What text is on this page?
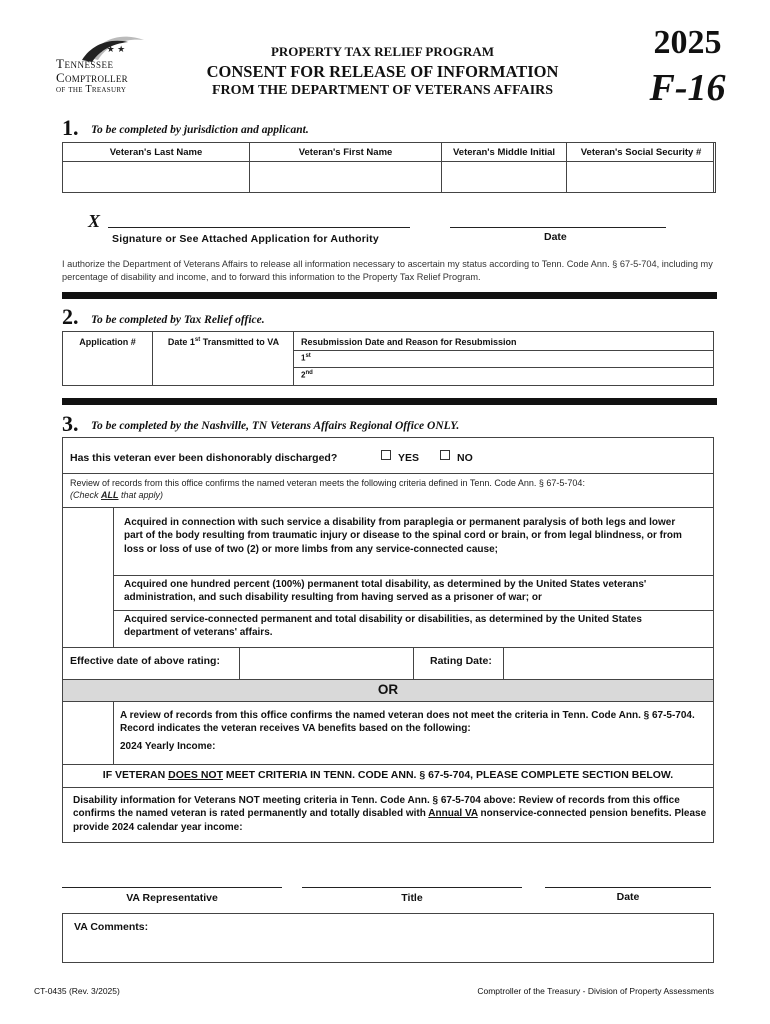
★ ★ ★
Tennessee
Comptroller
of the Treasury
PROPERTY TAX RELIEF PROGRAM
CONSENT FOR RELEASE OF INFORMATION
FROM THE DEPARTMENT OF VETERANS AFFAIRS
2025
F-16
1. To be completed by jurisdiction and applicant.
Veteran's Last Name	Veteran's First Name	Veteran's Middle Initial	Veteran's Social Security #
X
Signature or See Attached Application for Authority	Date
I authorize the Department of Veterans Affairs to release all information necessary to ascertain my status according to Tenn. Code Ann. § 67-5-704, including my percentage of disability and income, and to forward this information to the Property Tax Relief Program.
2. To be completed by Tax Relief office.
Application #	Date 1st Transmitted to VA	Resubmission Date and Reason for Resubmission
1st
2nd
3. To be completed by the Nashville, TN Veterans Affairs Regional Office ONLY.
Has this veteran ever been dishonorably discharged?	YES	NO
Review of records from this office confirms the named veteran meets the following criteria defined in Tenn. Code Ann. § 67-5-704:
(Check ALL that apply)
Acquired in connection with such service a disability from paraplegia or permanent paralysis of both legs and lower part of the body resulting from traumatic injury or disease to the spinal cord or brain, or from legal blindness, or from loss or loss of use of two (2) or more limbs from any service-connected cause;
Acquired one hundred percent (100%) permanent total disability, as determined by the United States veterans' administration, and such disability resulting from having served as a prisoner of war; or
Acquired service-connected permanent and total disability or disabilities, as determined by the United States department of veterans' affairs.
Effective date of above rating:	Rating Date:
OR
A review of records from this office confirms the named veteran does not meet the criteria in Tenn. Code Ann. § 67-5-704. Record indicates the veteran receives VA benefits based on the following:
2024 Yearly Income:
IF VETERAN DOES NOT MEET CRITERIA IN TENN. CODE ANN. § 67-5-704, PLEASE COMPLETE SECTION BELOW.
Disability information for Veterans NOT meeting criteria in Tenn. Code Ann. § 67-5-704 above: Review of records from this office confirms the named veteran is rated permanently and totally disabled with Annual VA nonservice-connected pension benefits. Please provide 2024 calendar year income:
VA Representative	Title	Date
VA Comments:
CT-0435 (Rev. 3/2025)	Comptroller of the Treasury - Division of Property Assessments
